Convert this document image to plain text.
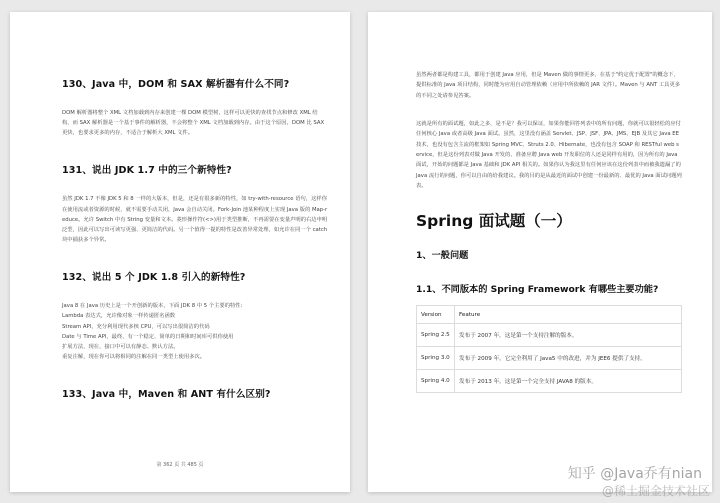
130、Java 中，DOM 和 SAX 解析器有什么不同?

DOM 解析器将整个 XML 文档加载到内存来创建一棵 DOM 模型树，这样可以更快的查找节点和修改 XML 结构，而 SAX 解析器是一个基于事件的解析器，不会将整个 XML 文档加载到内存。由于这个原因，DOM 比 SAX 更快，也要求更多的内存，不适合于解析大 XML 文件。

131、说出 JDK 1.7 中的三个新特性?

虽然 JDK 1.7 不像 JDK 5 和 8 一样的大版本，但是，还是有很多新的特性，如 try-with-resource 语句，这样你在使用流或者资源的时候，就不需要手动关闭，Java 会自动关闭。Fork-Join 池某种程度上实现 Java 版的 Map-reduce。允许 Switch 中有 String 变量和文本。菱形操作符(<>)用于类型推断，不再需要在变量声明的右边申明泛型，因此可以写出可读写更强、更简洁的代码。另一个值得一提的特性是改善异常处理，如允许在同一个 catch 块中捕获多个异常。

132、说出 5 个 JDK 1.8 引入的新特性?
Java 8 在 Java 历史上是一个开创新的版本，下面 JDK 8 中 5 个主要的特性:
Lambda 表达式，允许像对象一样传递匿名函数
Stream API，充分利用现代多核 CPU，可以写出很简洁的代码
Date 与 Time API，最终，有一个稳定、简单的日期和时间库可供你使用
扩展方法，现在，接口中可以有静态、默认方法。
重复注解，现在你可以将相同的注解在同一类型上使用多次。
133、Java 中，Maven 和 ANT 有什么区别?
第 362 页 共 485 页

虽然两者都是构建工具，都用于创建 Java 应用，但是 Maven 做的事情更多，在基于"约定优于配置"的概念下，提供标准的 Java 项目结构，同时能为应用自动管理依赖（应用中所依赖的 JAR 文件）。Maven 与 ANT 工具更多的不同之处请参见答案。

这就是所有的面试题，如此之多，是不是？我可以保证，如果你能回答列表中的所有问题，你就可以很轻松的应付任何核心 Java 或者高级 Java 面试。虽然，这里没有涵盖 Servlet、JSP、JSF、JPA、JMS、EJB 及其它 Java EE 技术，也没有包含主流的框架如 Spring MVC、Struts 2.0、Hibernate，也没有包含 SOAP 和 RESTful web service，但是这份列表对做 Java 开发的、准备应聘 Java web 开发职位的人还是同样有用的，因为所有的 Java 面试，开始的问题都是 Java 基础和 JDK API 相关的。如果你认为我这里有任何应该在这份列表中而被我遗漏了的 Java 流行的问题，你可以自由的给我建议。我的目的是从最近的面试中创建一份最新的、最优的 Java 面试问题列表。

Spring 面试题（一）
1、一般问题
1.1、不同版本的 Spring Framework 有哪些主要功能?
Version	Feature
Spring 2.5	发布于 2007 年。这是第一个支持注解的版本。
Spring 3.0	发布于 2009 年。它完全利用了 Java5 中的改进，并为 JEE6 提供了支持。
Spring 4.0	发布于 2013 年。这是第一个完全支持 JAVA8 的版本。
知乎 @Java乔有nian
@稀土掘金技术社区
